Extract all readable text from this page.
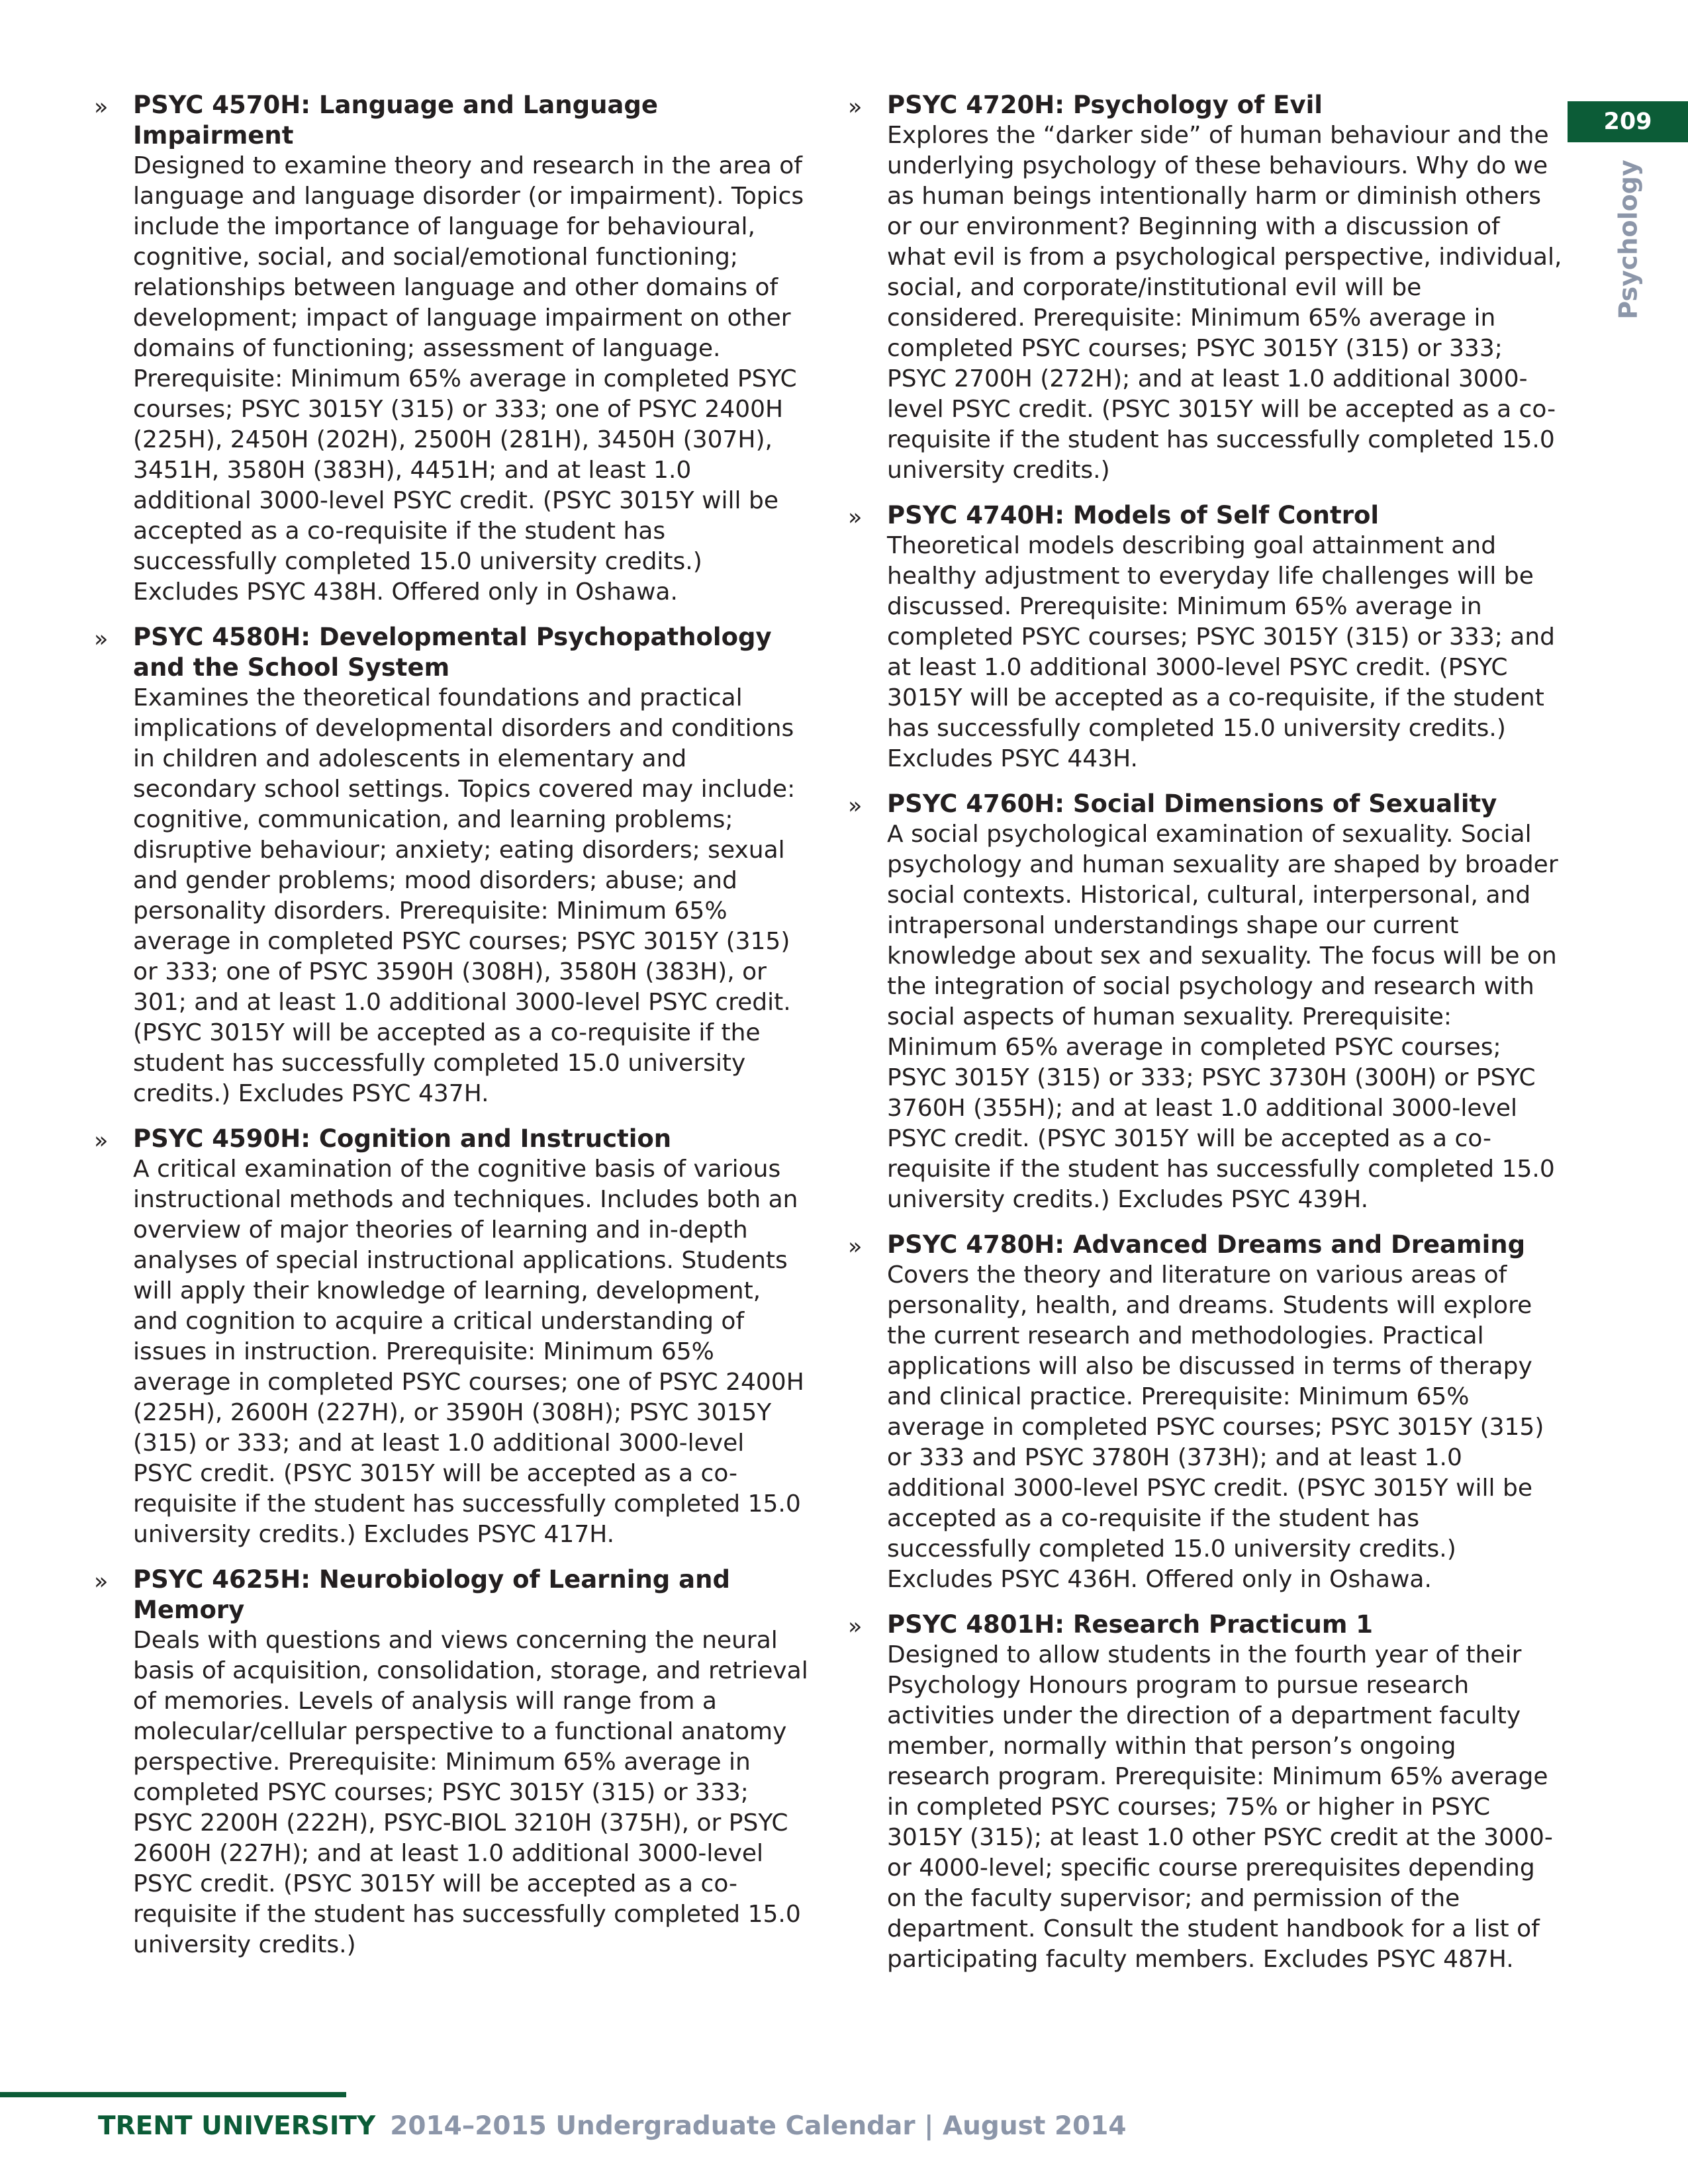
» PSYC 4570H: Language and Language Impairment
Designed to examine theory and research in the area of language and language disorder (or impairment). Topics include the importance of language for behavioural, cognitive, social, and social/emotional functioning; relationships between language and other domains of development; impact of language impairment on other domains of functioning; assessment of language. Prerequisite: Minimum 65% average in completed PSYC courses; PSYC 3015Y (315) or 333; one of PSYC 2400H (225H), 2450H (202H), 2500H (281H), 3450H (307H), 3451H, 3580H (383H), 4451H; and at least 1.0 additional 3000-level PSYC credit. (PSYC 3015Y will be accepted as a co-requisite if the student has successfully completed 15.0 university credits.) Excludes PSYC 438H. Offered only in Oshawa.
» PSYC 4580H: Developmental Psychopathology and the School System
Examines the theoretical foundations and practical implications of developmental disorders and conditions in children and adolescents in elementary and secondary school settings. Topics covered may include: cognitive, communication, and learning problems; disruptive behaviour; anxiety; eating disorders; sexual and gender problems; mood disorders; abuse; and personality disorders. Prerequisite: Minimum 65% average in completed PSYC courses; PSYC 3015Y (315) or 333; one of PSYC 3590H (308H), 3580H (383H), or 301; and at least 1.0 additional 3000-level PSYC credit. (PSYC 3015Y will be accepted as a co-requisite if the student has successfully completed 15.0 university credits.) Excludes PSYC 437H.
» PSYC 4590H: Cognition and Instruction
A critical examination of the cognitive basis of various instructional methods and techniques. Includes both an overview of major theories of learning and in-depth analyses of special instructional applications. Students will apply their knowledge of learning, development, and cognition to acquire a critical understanding of issues in instruction. Prerequisite: Minimum 65% average in completed PSYC courses; one of PSYC 2400H (225H), 2600H (227H), or 3590H (308H); PSYC 3015Y (315) or 333; and at least 1.0 additional 3000-level PSYC credit. (PSYC 3015Y will be accepted as a co-requisite if the student has successfully completed 15.0 university credits.) Excludes PSYC 417H.
» PSYC 4625H: Neurobiology of Learning and Memory
Deals with questions and views concerning the neural basis of acquisition, consolidation, storage, and retrieval of memories. Levels of analysis will range from a molecular/cellular perspective to a functional anatomy perspective. Prerequisite: Minimum 65% average in completed PSYC courses; PSYC 3015Y (315) or 333; PSYC 2200H (222H), PSYC-BIOL 3210H (375H), or PSYC 2600H (227H); and at least 1.0 additional 3000-level PSYC credit. (PSYC 3015Y will be accepted as a co-requisite if the student has successfully completed 15.0 university credits.)
» PSYC 4720H: Psychology of Evil
Explores the “darker side” of human behaviour and the underlying psychology of these behaviours. Why do we as human beings intentionally harm or diminish others or our environment? Beginning with a discussion of what evil is from a psychological perspective, individual, social, and corporate/institutional evil will be considered. Prerequisite: Minimum 65% average in completed PSYC courses; PSYC 3015Y (315) or 333; PSYC 2700H (272H); and at least 1.0 additional 3000-level PSYC credit. (PSYC 3015Y will be accepted as a co-requisite if the student has successfully completed 15.0 university credits.)
» PSYC 4740H: Models of Self Control
Theoretical models describing goal attainment and healthy adjustment to everyday life challenges will be discussed. Prerequisite: Minimum 65% average in completed PSYC courses; PSYC 3015Y (315) or 333; and at least 1.0 additional 3000-level PSYC credit. (PSYC 3015Y will be accepted as a co-requisite, if the student has successfully completed 15.0 university credits.) Excludes PSYC 443H.
» PSYC 4760H: Social Dimensions of Sexuality
A social psychological examination of sexuality. Social psychology and human sexuality are shaped by broader social contexts. Historical, cultural, interpersonal, and intrapersonal understandings shape our current knowledge about sex and sexuality. The focus will be on the integration of social psychology and research with social aspects of human sexuality. Prerequisite: Minimum 65% average in completed PSYC courses; PSYC 3015Y (315) or 333; PSYC 3730H (300H) or PSYC 3760H (355H); and at least 1.0 additional 3000-level PSYC credit. (PSYC 3015Y will be accepted as a co-requisite if the student has successfully completed 15.0 university credits.) Excludes PSYC 439H.
» PSYC 4780H: Advanced Dreams and Dreaming
Covers the theory and literature on various areas of personality, health, and dreams. Students will explore the current research and methodologies. Practical applications will also be discussed in terms of therapy and clinical practice. Prerequisite: Minimum 65% average in completed PSYC courses; PSYC 3015Y (315) or 333 and PSYC 3780H (373H); and at least 1.0 additional 3000-level PSYC credit. (PSYC 3015Y will be accepted as a co-requisite if the student has successfully completed 15.0 university credits.) Excludes PSYC 436H. Offered only in Oshawa.
» PSYC 4801H: Research Practicum 1
Designed to allow students in the fourth year of their Psychology Honours program to pursue research activities under the direction of a department faculty member, normally within that person’s ongoing research program. Prerequisite: Minimum 65% average in completed PSYC courses; 75% or higher in PSYC 3015Y (315); at least 1.0 other PSYC credit at the 3000- or 4000-level; specific course prerequisites depending on the faculty supervisor; and permission of the department. Consult the student handbook for a list of participating faculty members. Excludes PSYC 487H.
209
Psychology
TRENT UNIVERSITY 2014–2015 Undergraduate Calendar | August 2014
